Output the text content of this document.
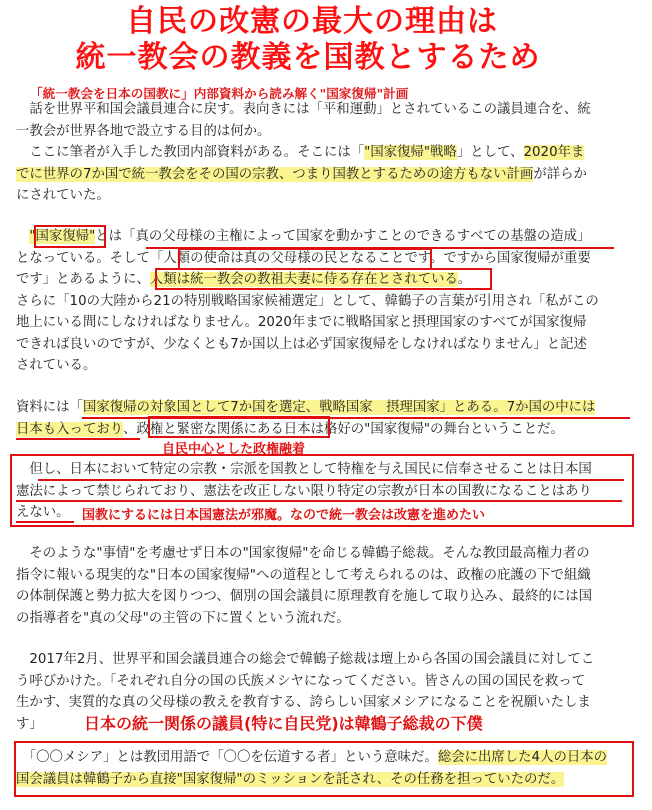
自民の改憲の最大の理由は
統一教会の教義を国教とするため
「統一教会を日本の国教に」内部資料から読み解く"国家復帰"計画
　話を世界平和国会議員連合に戻す。表向きには「平和運動」とされているこの議員連合を、統
一教会が世界各地で設立する目的は何か。
　ここに筆者が入手した教団内部資料がある。そこには「"国家復帰"戦略」として、2020年ま
でに世界の7か国で統一教会をその国の宗教、つまり国教とするための途方もない計画が詳らか
にされていた。
　"国家復帰"とは「真の父母様の主権によって国家を動かすことのできるすべての基盤の造成」
となっている。そして「人類の使命は真の父母様の民となることです。ですから国家復帰が重要
です」とあるように、人類は統一教会の教祖夫妻に侍る存在とされている。
さらに「10の大陸から21の特別戦略国家候補選定」として、韓鶴子の言葉が引用され「私がこの
地上にいる間にしなければなりません。2020年までに戦略国家と摂理国家のすべてが国家復帰
できれば良いのですが、少なくとも7か国以上は必ず国家復帰をしなければなりません」と記述
されている。
資料には「国家復帰の対象国として7か国を選定、戦略国家　摂理国家」とある。7か国の中には
日本も入っており、政権と緊密な関係にある日本は格好の"国家復帰"の舞台ということだ。
自民中心とした政権融着
　但し、日本において特定の宗教・宗派を国教として特権を与え国民に信奉させることは日本国
憲法によって禁じられており、憲法を改正しない限り特定の宗教が日本の国教になることはあり
えない。 国教にするには日本国憲法が邪魔。なので統一教会は改憲を進めたい
　そのような"事情"を考慮せず日本の"国家復帰"を命じる韓鶴子総裁。そんな教団最高権力者の
指令に報いる現実的な"日本の国家復帰"への道程として考えられるのは、政権の庇護の下で組織
の体制保護と勢力拡大を図りつつ、個別の国会議員に原理教育を施して取り込み、最終的には国
の指導者を"真の父母"の主管の下に置くという流れだ。
　2017年2月、世界平和国会議員連合の総会で韓鶴子総裁は壇上から各国の国会議員に対してこ
う呼びかけた。「それぞれ自分の国の氏族メシヤになってください。皆さんの国の国民を救って
生かす、実質的な真の父母様の教えを教育する、誇らしい国家メシアになることを祝願いたしま
す」	日本の統一関係の議員(特に自民党)は韓鶴子総裁の下僕
　「〇〇メシア」とは教団用語で「〇〇を伝道する者」という意味だ。総会に出席した4人の日本の
国会議員は韓鶴子から直接"国家復帰"のミッションを託され、その任務を担っていたのだ。
